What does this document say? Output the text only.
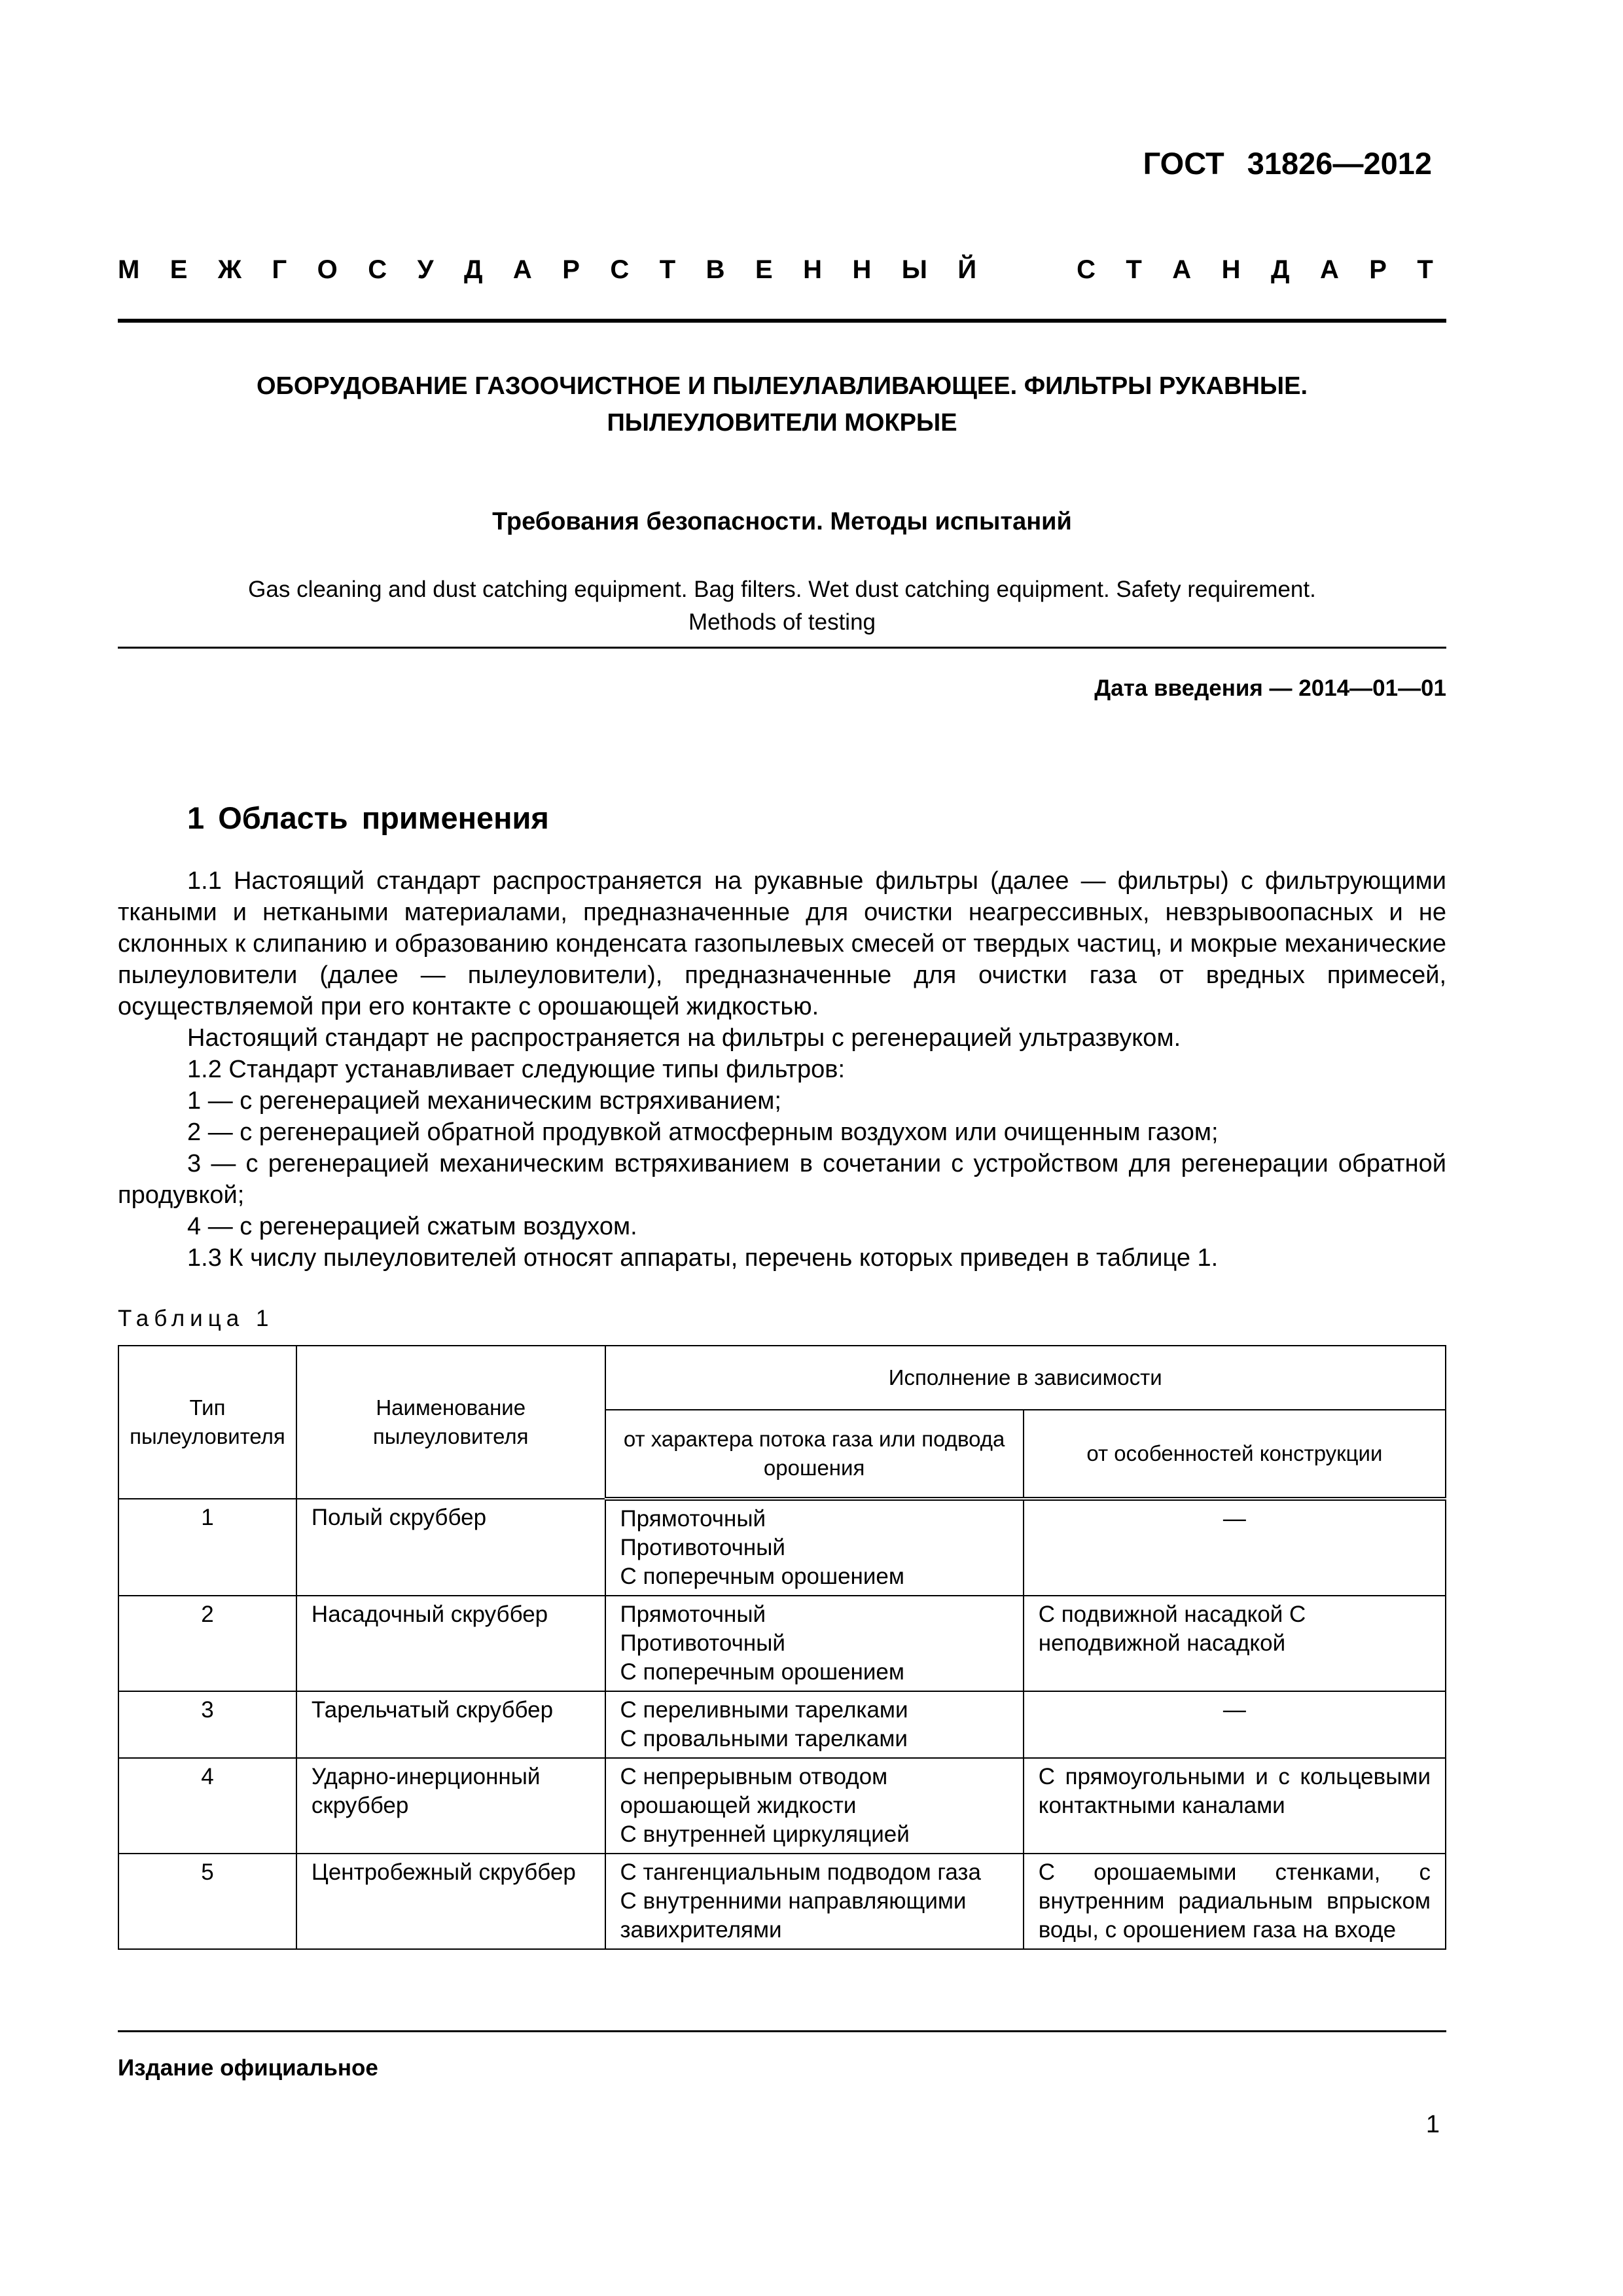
ГОСТ 31826—2012
М Е Ж Г О С У Д А Р С Т В Е Н Н Ы Й	С Т А Н Д А Р Т
ОБОРУДОВАНИЕ ГАЗООЧИСТНОЕ И ПЫЛЕУЛАВЛИВАЮЩЕЕ. ФИЛЬТРЫ РУКАВНЫЕ.
ПЫЛЕУЛОВИТЕЛИ МОКРЫЕ
Требования безопасности. Методы испытаний
Gas cleaning and dust catching equipment. Bag filters. Wet dust catching equipment. Safety requirement.
Methods of testing
Дата введения — 2014—01—01
1 Область применения

1.1 Настоящий стандарт распространяется на рукавные фильтры (далее — фильтры) с фильтрующими ткаными и неткаными материалами, предназначенные для очистки неагрессивных, невзрывоопасных и не склонных к слипанию и образованию конденсата газопылевых смесей от твердых частиц, и мокрые механические пылеуловители (далее — пылеуловители), предназначенные для очистки газа от вредных примесей, осуществляемой при его контакте с орошающей жидкостью.

Настоящий стандарт не распространяется на фильтры с регенерацией ультразвуком.

1.2 Стандарт устанавливает следующие типы фильтров:

1 — с регенерацией механическим встряхиванием;

2 — с регенерацией обратной продувкой атмосферным воздухом или очищенным газом;

3 — с регенерацией механическим встряхиванием в сочетании с устройством для регенерации обратной продувкой;

4 — с регенерацией сжатым воздухом.

1.3 К числу пылеуловителей относят аппараты, перечень которых приведен в таблице 1.

Таблица 1
Тип пылеуловителя	Наименование пылеуловителя	Исполнение в зависимости	
		от характера потока газа или подвода орошения	от особенностей конструкции
1	Полый скруббер	Прямоточный
Противоточный
С поперечным орошением	—
2	Насадочный скруббер	Прямоточный
Противоточный
С поперечным орошением	С подвижной насадкой С неподвижной насадкой
3	Тарельчатый скруббер	С переливными тарелками
С провальными тарелками	—
4	Ударно-инерционный скруббер	С непрерывным отводом орошающей жидкости
С внутренней циркуляцией	С прямоугольными и с кольцевыми контактными каналами
5	Центробежный скруббер	С тангенциальным подводом газа
С внутренними направляющими завихрителями	С орошаемыми стенками, с внутренним радиальным впрыском воды, с орошением газа на входе
Издание официальное
1
